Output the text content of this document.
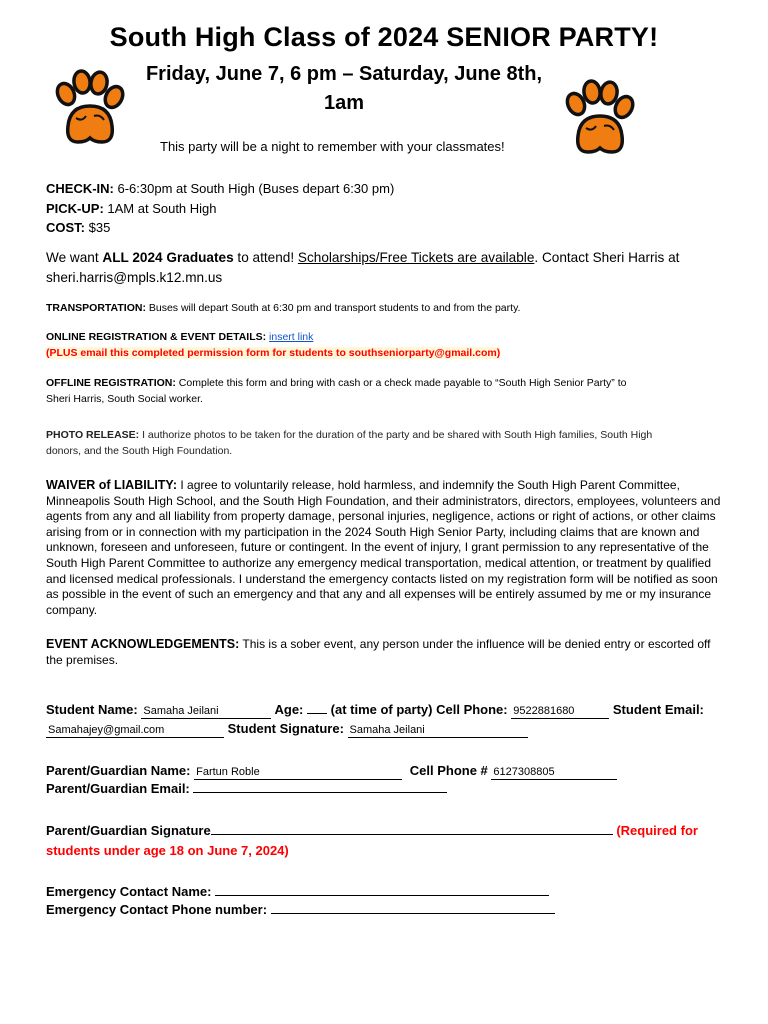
South High Class of 2024 SENIOR PARTY!
Friday, June 7, 6 pm – Saturday, June 8th,
1am
This party will be a night to remember with your classmates!
CHECK-IN: 6-6:30pm at South High (Buses depart 6:30 pm)
PICK-UP: 1AM at South High
COST: $35
We want ALL 2024 Graduates to attend! Scholarships/Free Tickets are available. Contact Sheri Harris at
sheri.harris@mpls.k12.mn.us
TRANSPORTATION: Buses will depart South at 6:30 pm and transport students to and from the party.
ONLINE REGISTRATION & EVENT DETAILS: insert link
(PLUS email this completed permission form for students to southseniorparty@gmail.com)
OFFLINE REGISTRATION: Complete this form and bring with cash or a check made payable to “South High Senior Party” to
Sheri Harris, South Social worker.
PHOTO RELEASE: I authorize photos to be taken for the duration of the party and be shared with South High families, South High
donors, and the South High Foundation.
WAIVER of LIABILITY: I agree to voluntarily release, hold harmless, and indemnify the South High Parent Committee, Minneapolis South High School, and the South High Foundation, and their administrators, directors, employees, volunteers and agents from any and all liability from property damage, personal injuries, negligence, actions or right of actions, or other claims arising from or in connection with my participation in the 2024 South High Senior Party, including claims that are known and unknown, foreseen and unforeseen, future or contingent. In the event of injury, I grant permission to any representative of the South High Parent Committee to authorize any emergency medical transportation, medical attention, or treatment by qualified and licensed medical professionals. I understand the emergency contacts listed on my registration form will be notified as soon as possible in the event of such an emergency and that any and all expenses will be entirely assumed by me or my insurance company.
EVENT ACKNOWLEDGEMENTS: This is a sober event, any person under the influence will be denied entry or escorted off the premises.
Student Name: Samaha Jeilani	Age: (at time of party) Cell Phone: 9522881680	Student Email:
Samahajey@gmail.com	Student Signature: Samaha Jeilani
Parent/Guardian Name: Fartun Roble	Cell Phone # 6127308805
Parent/Guardian Email:
Parent/Guardian Signature	(Required for
students under age 18 on June 7, 2024)
Emergency Contact Name:
Emergency Contact Phone number:
